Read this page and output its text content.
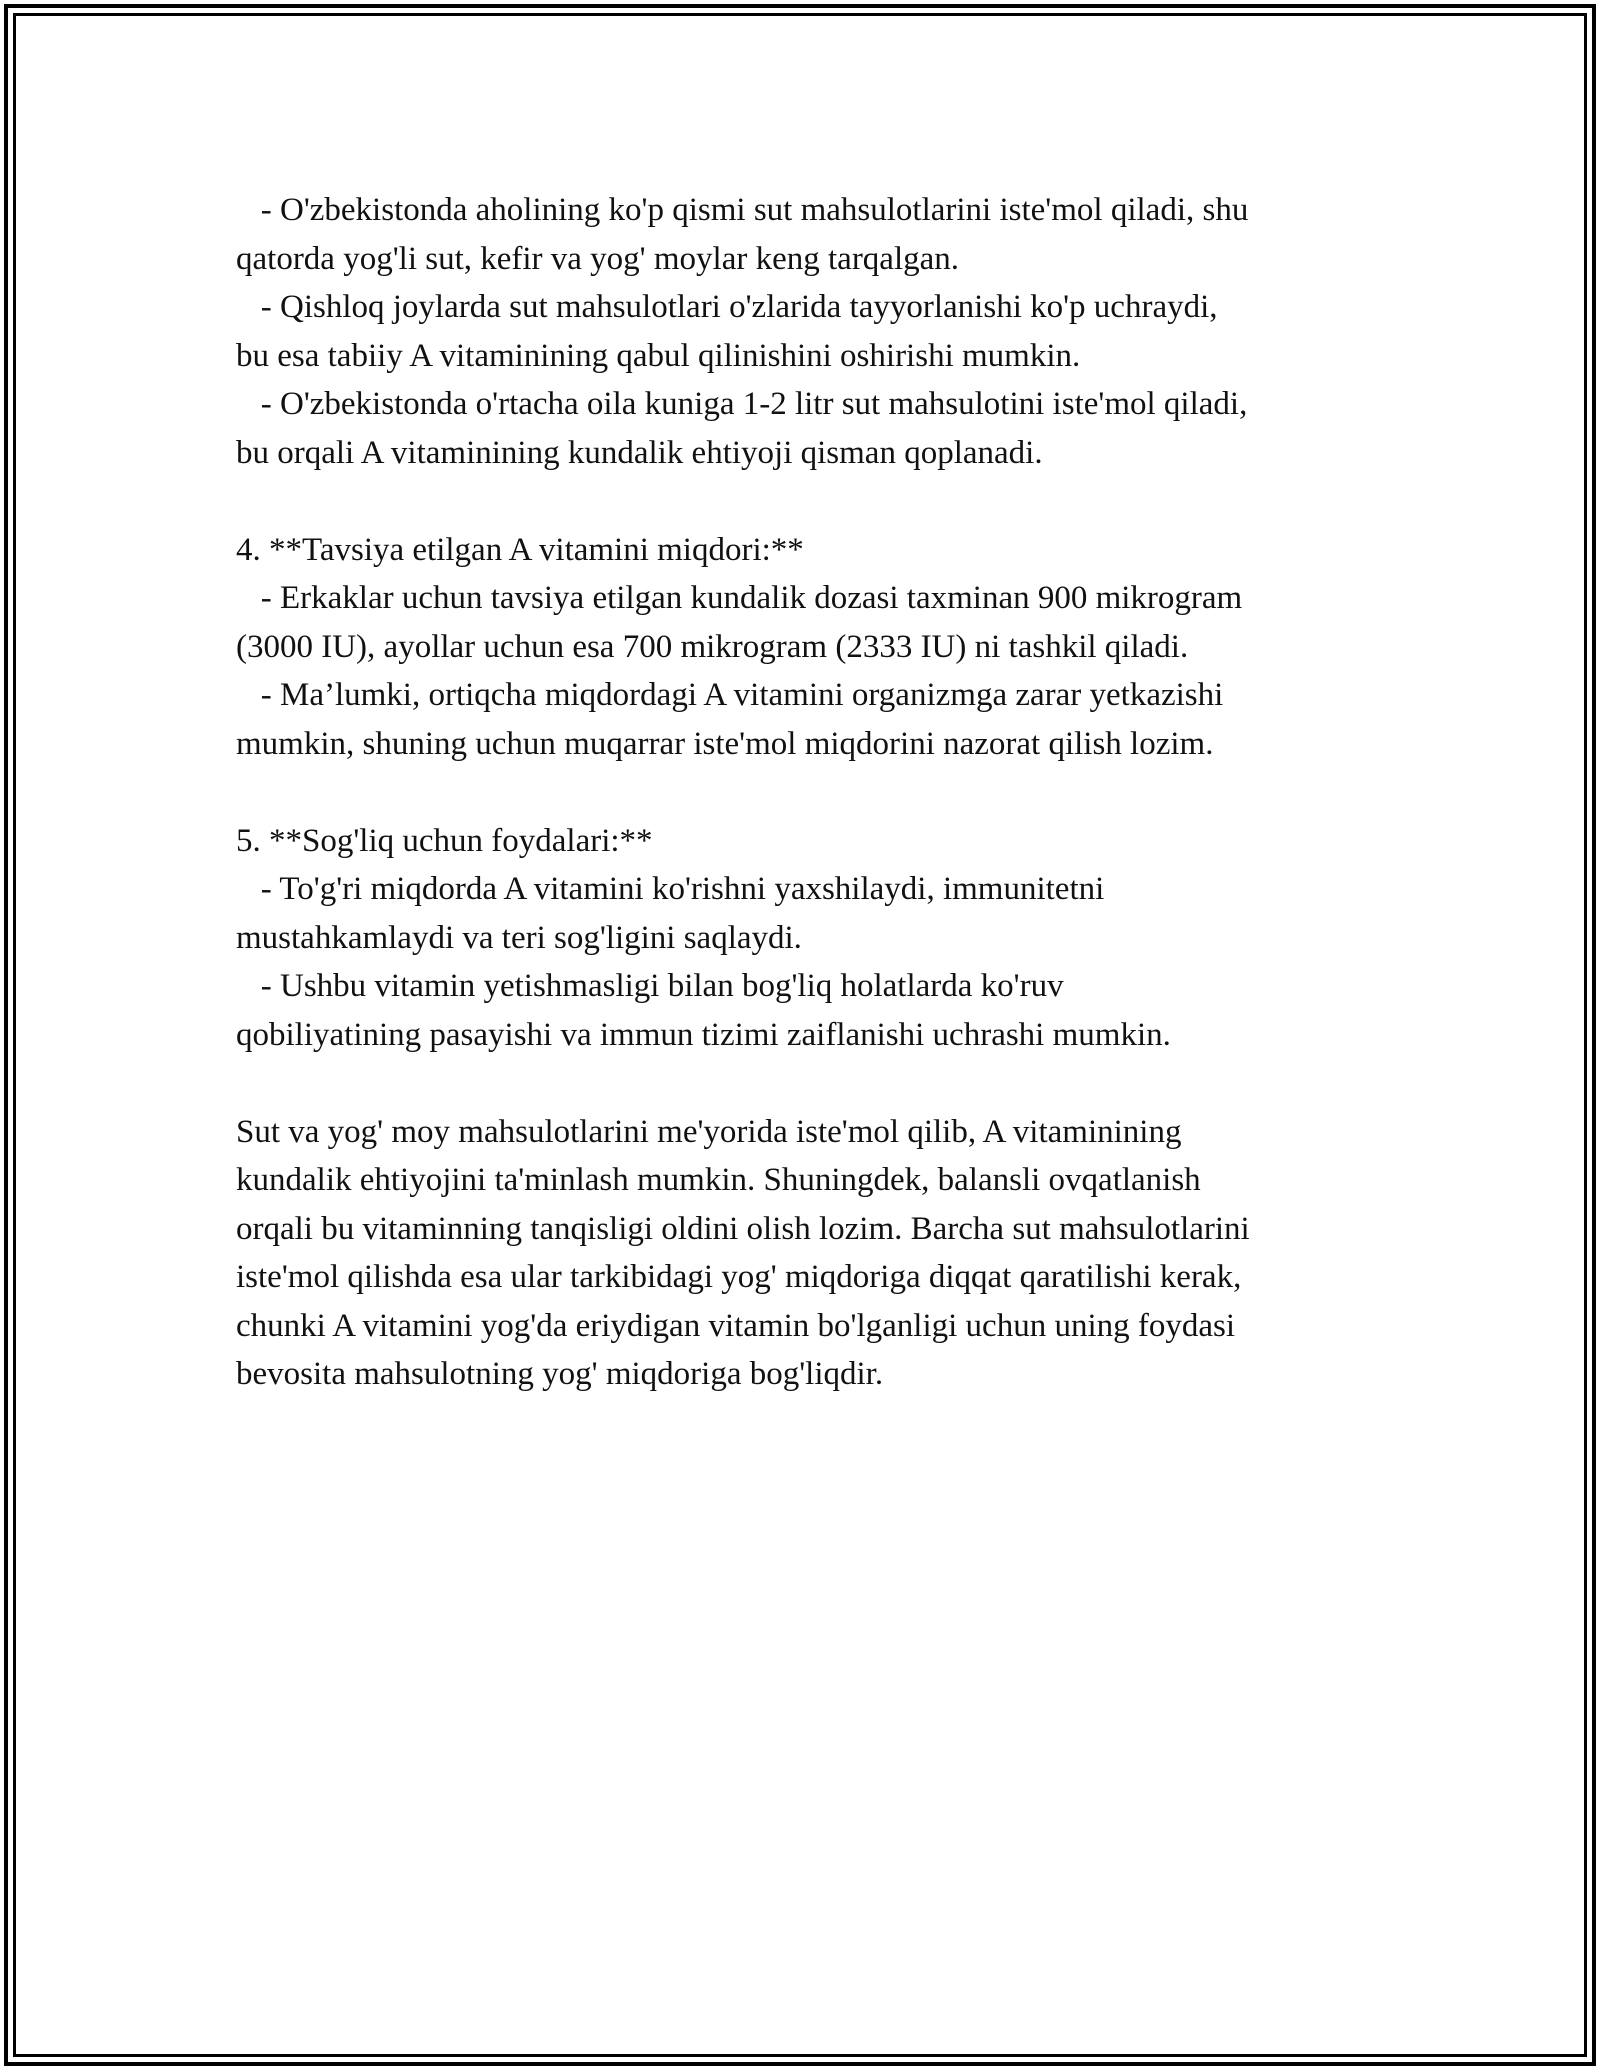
- O'zbekistonda aholining ko'p qismi sut mahsulotlarini iste'mol qiladi, shu
qatorda yog'li sut, kefir va yog' moylar keng tarqalgan.
- Qishloq joylarda sut mahsulotlari o'zlarida tayyorlanishi ko'p uchraydi,
bu esa tabiiy A vitaminining qabul qilinishini oshirishi mumkin.
- O'zbekistonda o'rtacha oila kuniga 1-2 litr sut mahsulotini iste'mol qiladi,
bu orqali A vitaminining kundalik ehtiyoji qisman qoplanadi.
4. **Tavsiya etilgan A vitamini miqdori:**
- Erkaklar uchun tavsiya etilgan kundalik dozasi taxminan 900 mikrogram
(3000 IU), ayollar uchun esa 700 mikrogram (2333 IU) ni tashkil qiladi.
- Ma’lumki, ortiqcha miqdordagi A vitamini organizmga zarar yetkazishi
mumkin, shuning uchun muqarrar iste'mol miqdorini nazorat qilish lozim.
5. **Sog'liq uchun foydalari:**
- To'g'ri miqdorda A vitamini ko'rishni yaxshilaydi, immunitetni
mustahkamlaydi va teri sog'ligini saqlaydi.
- Ushbu vitamin yetishmasligi bilan bog'liq holatlarda ko'ruv
qobiliyatining pasayishi va immun tizimi zaiflanishi uchrashi mumkin.
Sut va yog' moy mahsulotlarini me'yorida iste'mol qilib, A vitaminining
kundalik ehtiyojini ta'minlash mumkin. Shuningdek, balansli ovqatlanish
orqali bu vitaminning tanqisligi oldini olish lozim. Barcha sut mahsulotlarini
iste'mol qilishda esa ular tarkibidagi yog' miqdoriga diqqat qaratilishi kerak,
chunki A vitamini yog'da eriydigan vitamin bo'lganligi uchun uning foydasi
bevosita mahsulotning yog' miqdoriga bog'liqdir.
